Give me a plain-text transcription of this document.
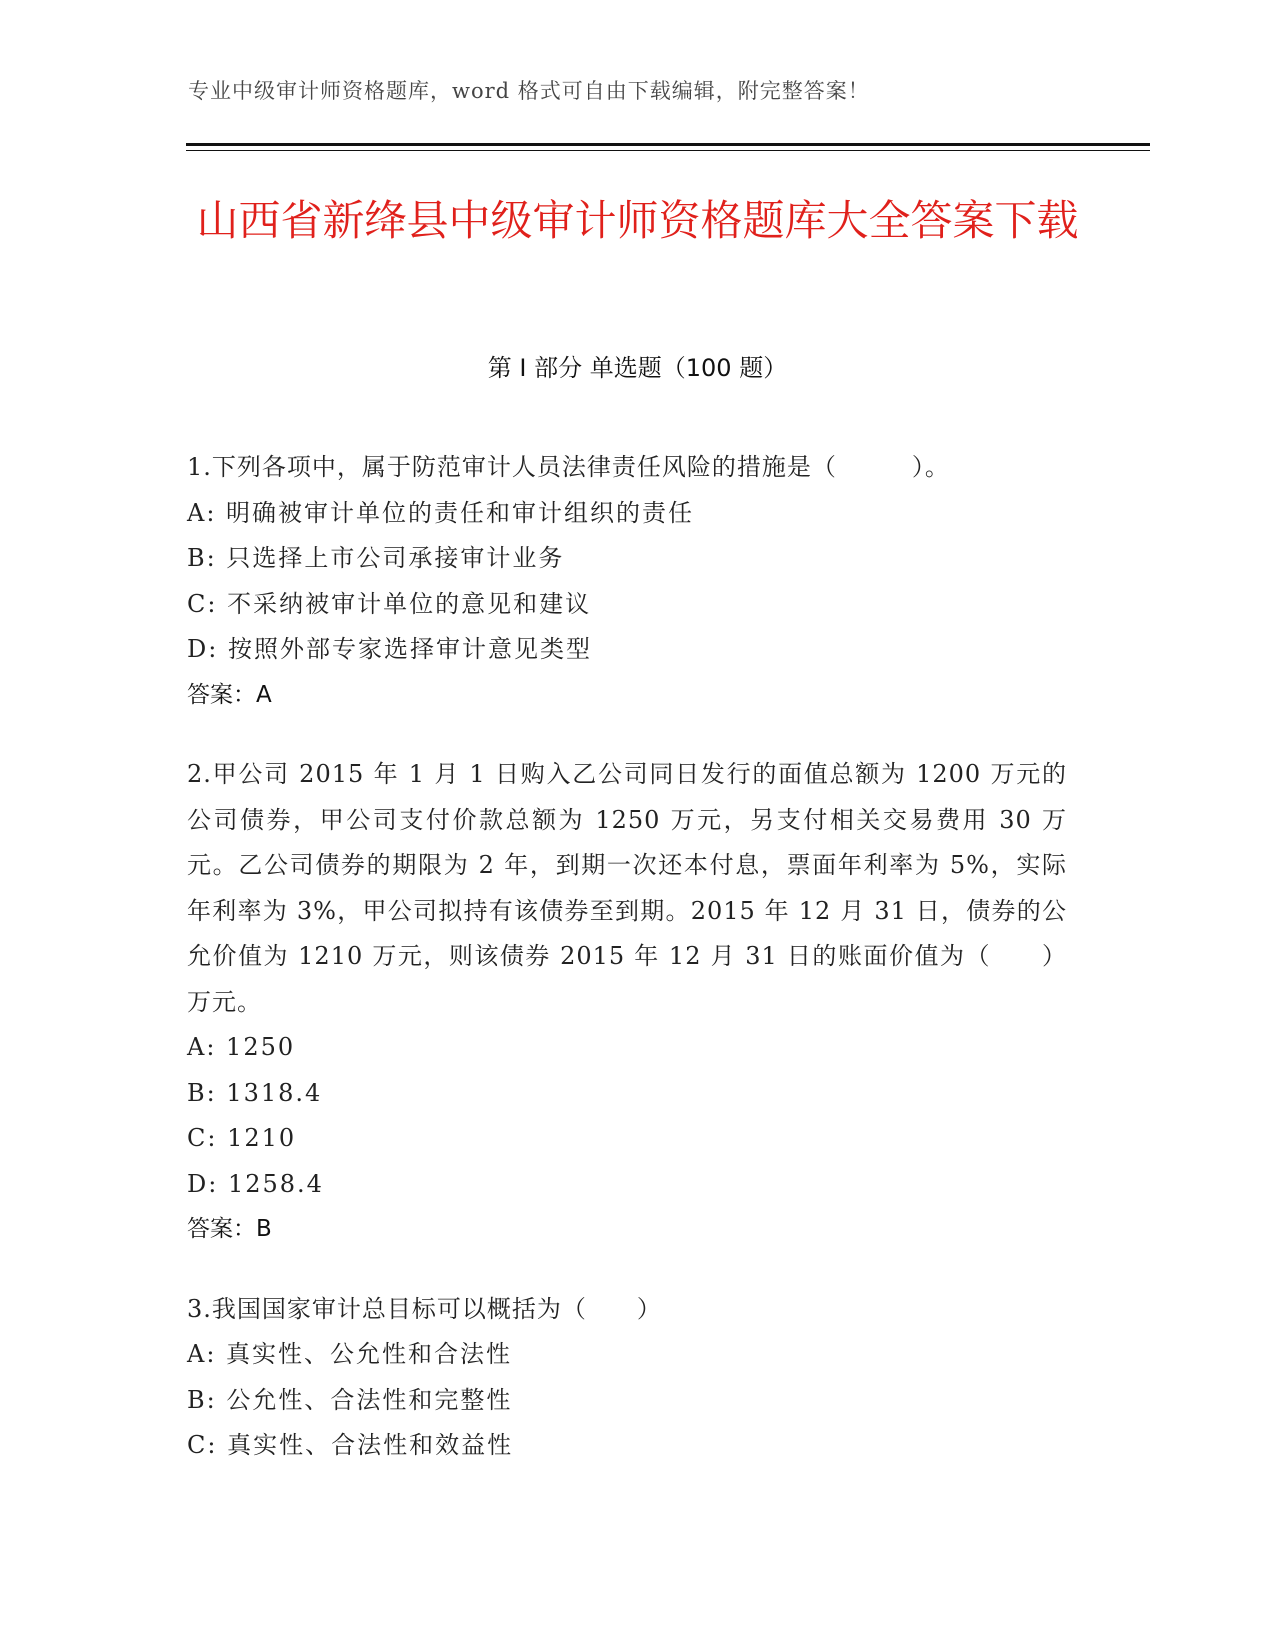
专业中级审计师资格题库，word 格式可自由下载编辑，附完整答案！
山西省新绛县中级审计师资格题库大全答案下载
第 I 部分 单选题（100 题）

1.下列各项中，属于防范审计人员法律责任风险的措施是（　　　）。

A: 明确被审计单位的责任和审计组织的责任

B: 只选择上市公司承接审计业务

C: 不采纳被审计单位的意见和建议

D: 按照外部专家选择审计意见类型

答案：A

2.甲公司 2015 年 1 月 1 日购入乙公司同日发行的面值总额为 1200 万元的公司债券，甲公司支付价款总额为 1250 万元，另支付相关交易费用 30 万元。乙公司债券的期限为 2 年，到期一次还本付息，票面年利率为 5%，实际年利率为 3%，甲公司拟持有该债券至到期。2015 年 12 月 31 日，债券的公允价值为 1210 万元，则该债券 2015 年 12 月 31 日的账面价值为（　　）万元。

A: 1250

B: 1318.4

C: 1210

D: 1258.4

答案：B

3.我国国家审计总目标可以概括为（　　）

A: 真实性、公允性和合法性

B: 公允性、合法性和完整性

C: 真实性、合法性和效益性
